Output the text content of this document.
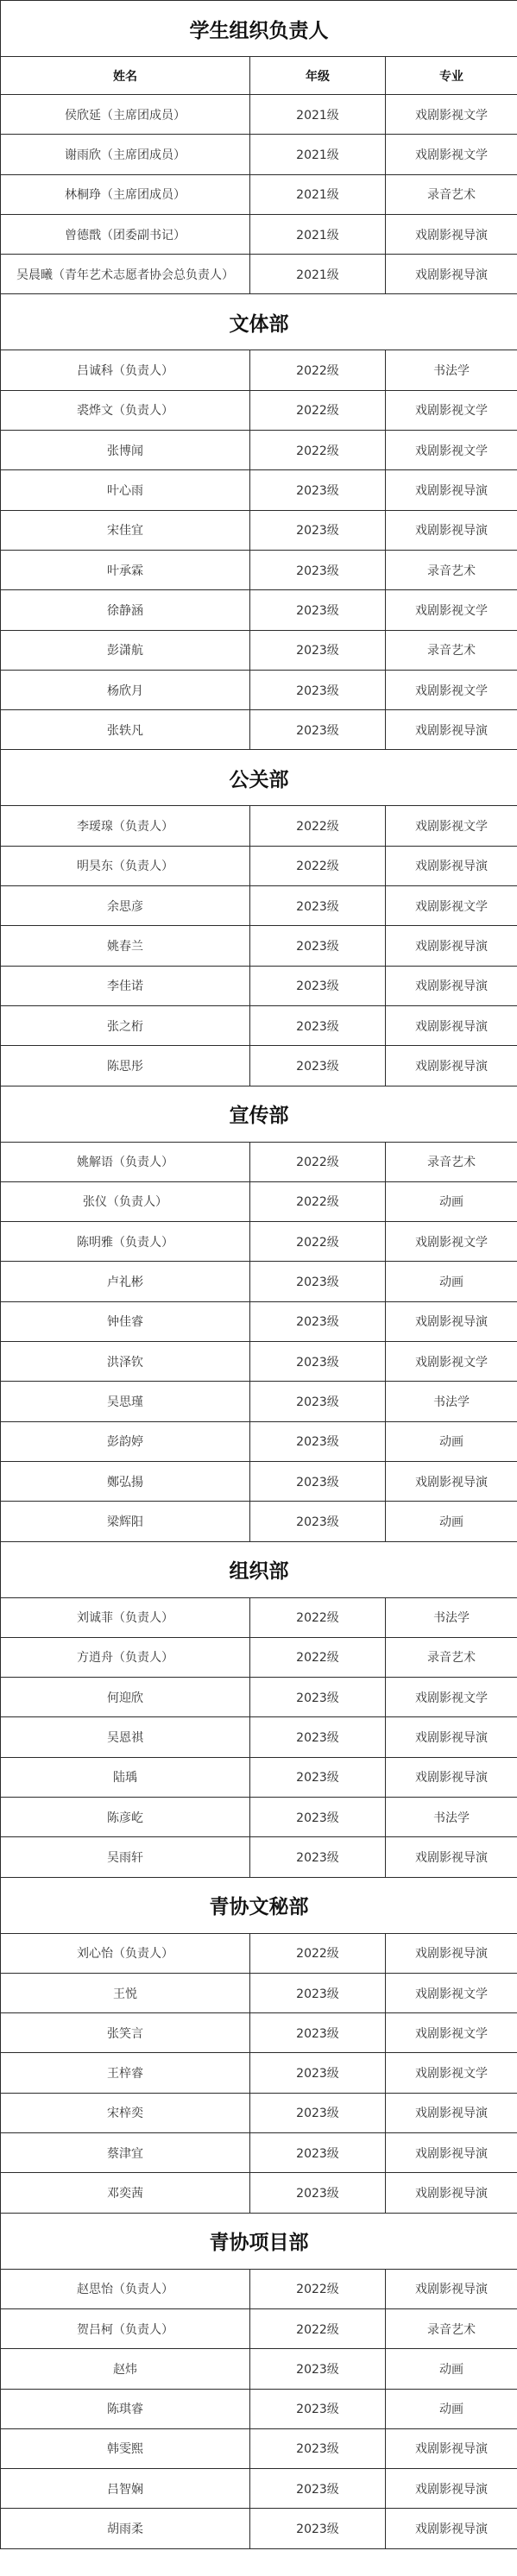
学生组织负责人		
姓名	年级	专业
侯欣延（主席团成员）	2021级	戏剧影视文学
谢雨欣（主席团成员）	2021级	戏剧影视文学
林桐琤（主席团成员）	2021级	录音艺术
曾德戬（团委副书记）	2021级	戏剧影视导演
吴晨曦（青年艺术志愿者协会总负责人）	2021级	戏剧影视导演
文体部		
吕诚科（负责人）	2022级	书法学
裘烨文（负责人）	2022级	戏剧影视文学
张博闻	2022级	戏剧影视文学
叶心雨	2023级	戏剧影视导演
宋佳宜	2023级	戏剧影视导演
叶承霖	2023级	录音艺术
徐静涵	2023级	戏剧影视文学
彭潇航	2023级	录音艺术
杨欣月	2023级	戏剧影视文学
张轶凡	2023级	戏剧影视导演
公关部		
李瑷瑔（负责人）	2022级	戏剧影视文学
明昊东（负责人）	2022级	戏剧影视导演
余思彦	2023级	戏剧影视文学
姚春兰	2023级	戏剧影视导演
李佳诺	2023级	戏剧影视导演
张之桁	2023级	戏剧影视导演
陈思彤	2023级	戏剧影视导演
宣传部		
姚解语（负责人）	2022级	录音艺术
张仪（负责人）	2022级	动画
陈明雅（负责人）	2022级	戏剧影视文学
卢礼彬	2023级	动画
钟佳睿	2023级	戏剧影视导演
洪泽钦	2023级	戏剧影视文学
吴思瑾	2023级	书法学
彭韵婷	2023级	动画
鄭弘揚	2023级	戏剧影视导演
梁辉阳	2023级	动画
组织部		
刘诚菲（负责人）	2022级	书法学
方逍舟（负责人）	2022级	录音艺术
何迎欣	2023级	戏剧影视文学
吴恩祺	2023级	戏剧影视导演
陆瑀	2023级	戏剧影视导演
陈彦屹	2023级	书法学
吴雨轩	2023级	戏剧影视导演
青协文秘部		
刘心怡（负责人）	2022级	戏剧影视导演
王悦	2023级	戏剧影视文学
张笑言	2023级	戏剧影视文学
王梓睿	2023级	戏剧影视文学
宋梓奕	2023级	戏剧影视导演
蔡津宜	2023级	戏剧影视导演
邓奕茜	2023级	戏剧影视导演
青协项目部		
赵思怡（负责人）	2022级	戏剧影视导演
贺吕柯（负责人）	2022级	录音艺术
赵炜	2023级	动画
陈琪睿	2023级	动画
韩雯熙	2023级	戏剧影视导演
吕智娴	2023级	戏剧影视导演
胡雨柔	2023级	戏剧影视导演
